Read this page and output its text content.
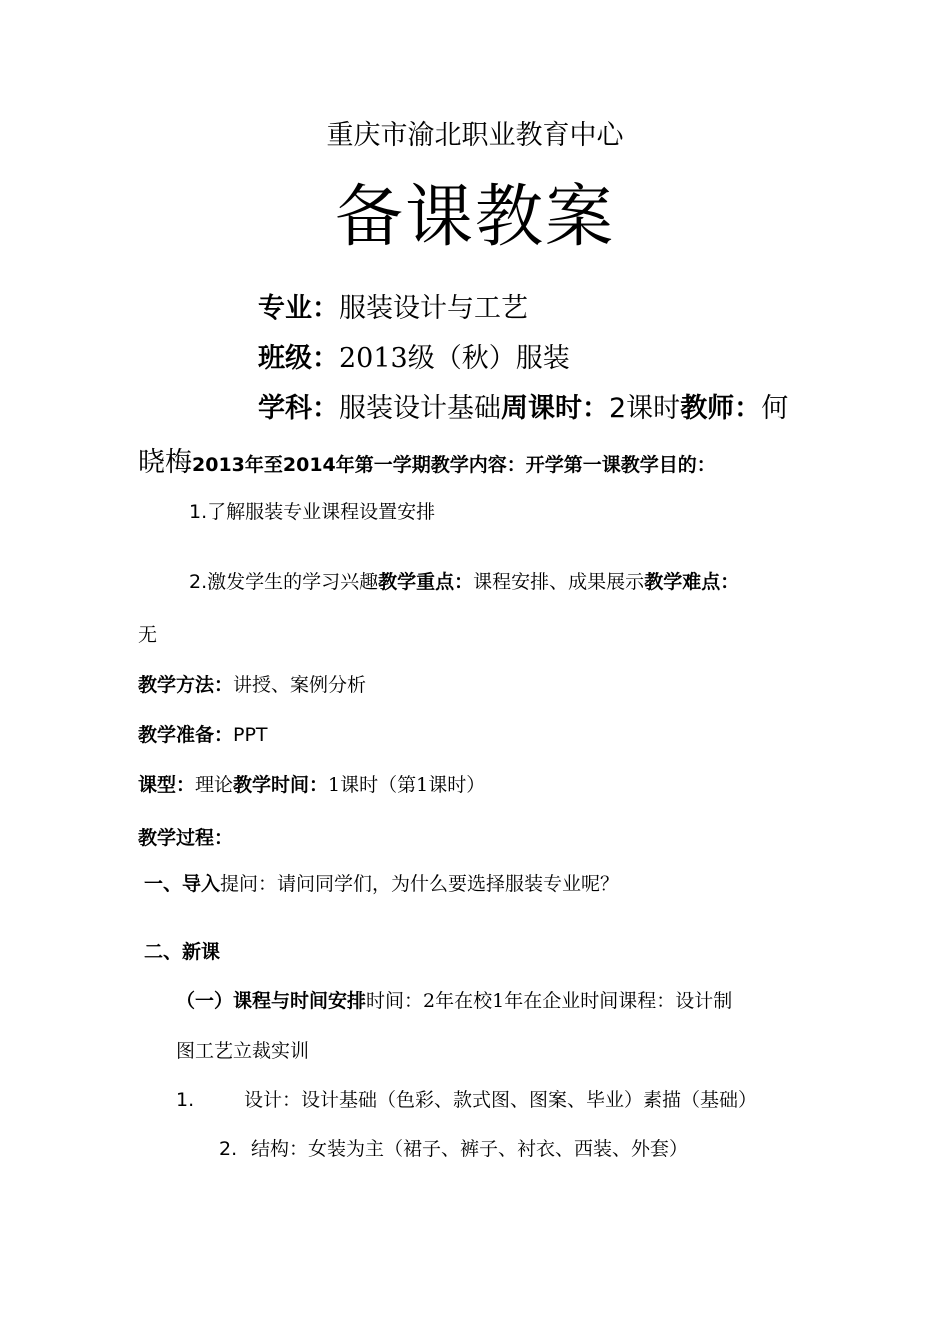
重庆市渝北职业教育中心
备课教案
专业：服装设计与工艺
班级：2013级（秋）服装
学科：服装设计基础周课时：2课时教师：何
晓梅2013年至2014年第一学期教学内容：开学第一课教学目的：
1.了解服装专业课程设置安排
2.激发学生的学习兴趣教学重点：课程安排、成果展示教学难点：
无
教学方法：讲授、案例分析
教学准备：PPT
课型：理论教学时间：1课时（第1课时）
教学过程：
一、导入提问：请问同学们，为什么要选择服装专业呢？
二、新课
（一）课程与时间安排时间：2年在校1年在企业时间课程：设计制
图工艺立裁实训
1.	设计：设计基础（色彩、款式图、图案、毕业）素描（基础）
2. 结构：女装为主（裙子、裤子、衬衣、西装、外套）
